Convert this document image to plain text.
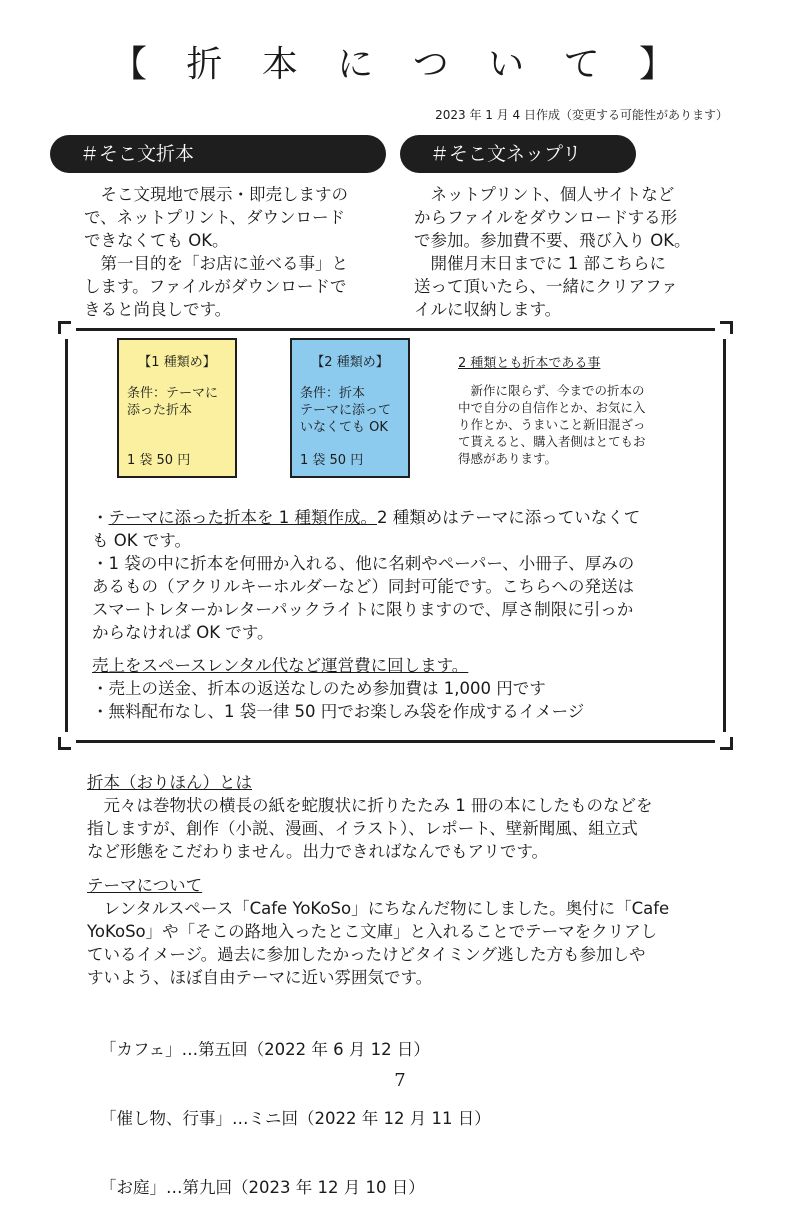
【 折 本 に つ い て 】
2023 年 1 月 4 日作成（変更する可能性があります）
＃そこ文折本	＃そこ文ネップリ
　そこ文現地で展示・即売しますの
で、ネットプリント、ダウンロード
できなくても OK。
　第一目的を「お店に並べる事」と
します。ファイルがダウンロードで
きると尚良しです。
　ネットプリント、個人サイトなど
からファイルをダウンロードする形
で参加。参加費不要、飛び入り OK。
　開催月末日までに 1 部こちらに
送って頂いたら、一緒にクリアファ
イルに収納します。
【1 種類め】
条件：テーマに
添った折本
1 袋 50 円
【2 種類め】
条件：折本
テーマに添って
いなくても OK
1 袋 50 円
2 種類とも折本である事
　新作に限らず、今までの折本の
中で自分の自信作とか、お気に入
り作とか、うまいこと新旧混ざっ
て貰えると、購入者側はとてもお
得感があります。
・テーマに添った折本を 1 種類作成。2 種類めはテーマに添っていなくて
も OK です。
・1 袋の中に折本を何冊か入れる、他に名刺やペーパー、小冊子、厚みの
あるもの（アクリルキーホルダーなど）同封可能です。こちらへの発送は
スマートレターかレターパックライトに限りますので、厚さ制限に引っか
からなければ OK です。
売上をスペースレンタル代など運営費に回します。
・売上の送金、折本の返送なしのため参加費は 1,000 円です
・無料配布なし、1 袋一律 50 円でお楽しみ袋を作成するイメージ
折本（おりほん）とは
　元々は巻物状の横長の紙を蛇腹状に折りたたみ 1 冊の本にしたものなどを
指しますが、創作（小説、漫画、イラスト）、レポート、壁新聞風、組立式
など形態をこだわりません。出力できればなんでもアリです。
テーマについて
　レンタルスペース「Cafe YoKoSo」にちなんだ物にしました。奥付に「Cafe
YoKoSo」や「そこの路地入ったとこ文庫」と入れることでテーマをクリアし
ているイメージ。過去に参加したかったけどタイミング逃した方も参加しや
すいよう、ほぼ自由テーマに近い雰囲気です。

「カフェ」…第五回（2022 年 6 月 12 日）

「催し物、行事」…ミニ回（2022 年 12 月 11 日）

「お庭」…第九回（2023 年 12 月 10 日）

7
